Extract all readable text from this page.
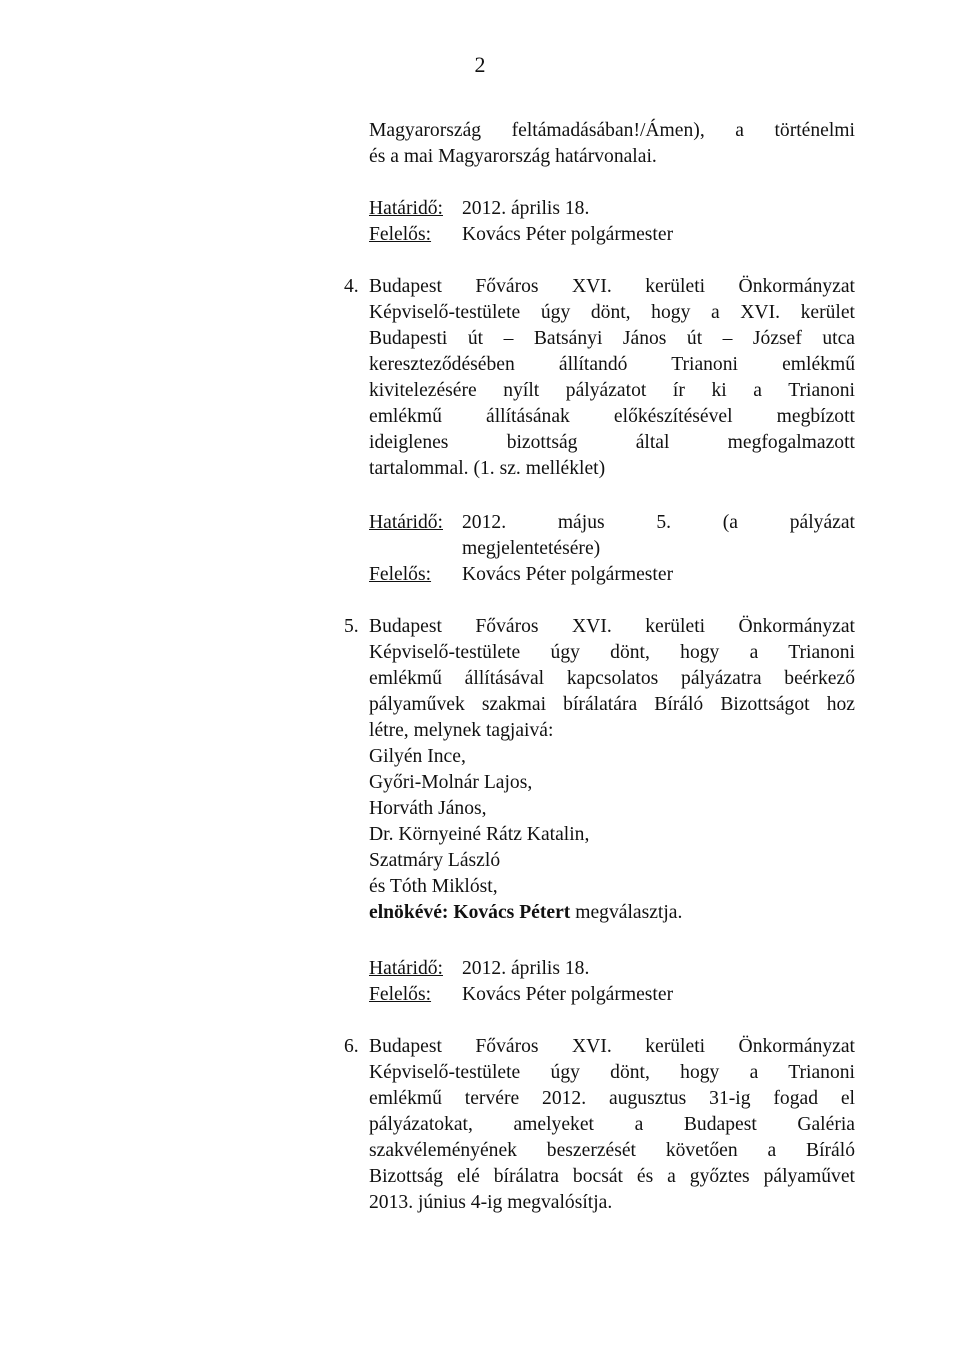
2
Magyarország feltámadásában!/Ámen), a történelmi
és a mai Magyarország határvonalai.
Határidő: 2012. április 18.
Felelős: Kovács Péter polgármester
4. Budapest Főváros XVI. kerületi Önkormányzat
Képviselő-testülete úgy dönt, hogy a XVI. kerület
Budapesti út – Batsányi János út – József utca
kereszteződésében állítandó Trianoni emlékmű
kivitelezésére nyílt pályázatot ír ki a Trianoni
emlékmű állításának előkészítésével megbízott
ideiglenes bizottság által megfogalmazott
tartalommal. (1. sz. melléklet)
Határidő: 2012. május 5. (a pályázat
megjelentetésére)
Felelős: Kovács Péter polgármester
5. Budapest Főváros XVI. kerületi Önkormányzat
Képviselő-testülete úgy dönt, hogy a Trianoni
emlékmű állításával kapcsolatos pályázatra beérkező
pályaművek szakmai bírálatára Bíráló Bizottságot hoz
létre, melynek tagjaivá:
Gilyén Ince,
Győri-Molnár Lajos,
Horváth János,
Dr. Környeiné Rátz Katalin,
Szatmáry László
és Tóth Miklóst,
elnökévé: Kovács Pétert megválasztja.
Határidő: 2012. április 18.
Felelős: Kovács Péter polgármester
6. Budapest Főváros XVI. kerületi Önkormányzat
Képviselő-testülete úgy dönt, hogy a Trianoni
emlékmű tervére 2012. augusztus 31-ig fogad el
pályázatokat, amelyeket a Budapest Galéria
szakvéleményének beszerzését követően a Bíráló
Bizottság elé bírálatra bocsát és a győztes pályaművet
2013. június 4-ig megvalósítja.
